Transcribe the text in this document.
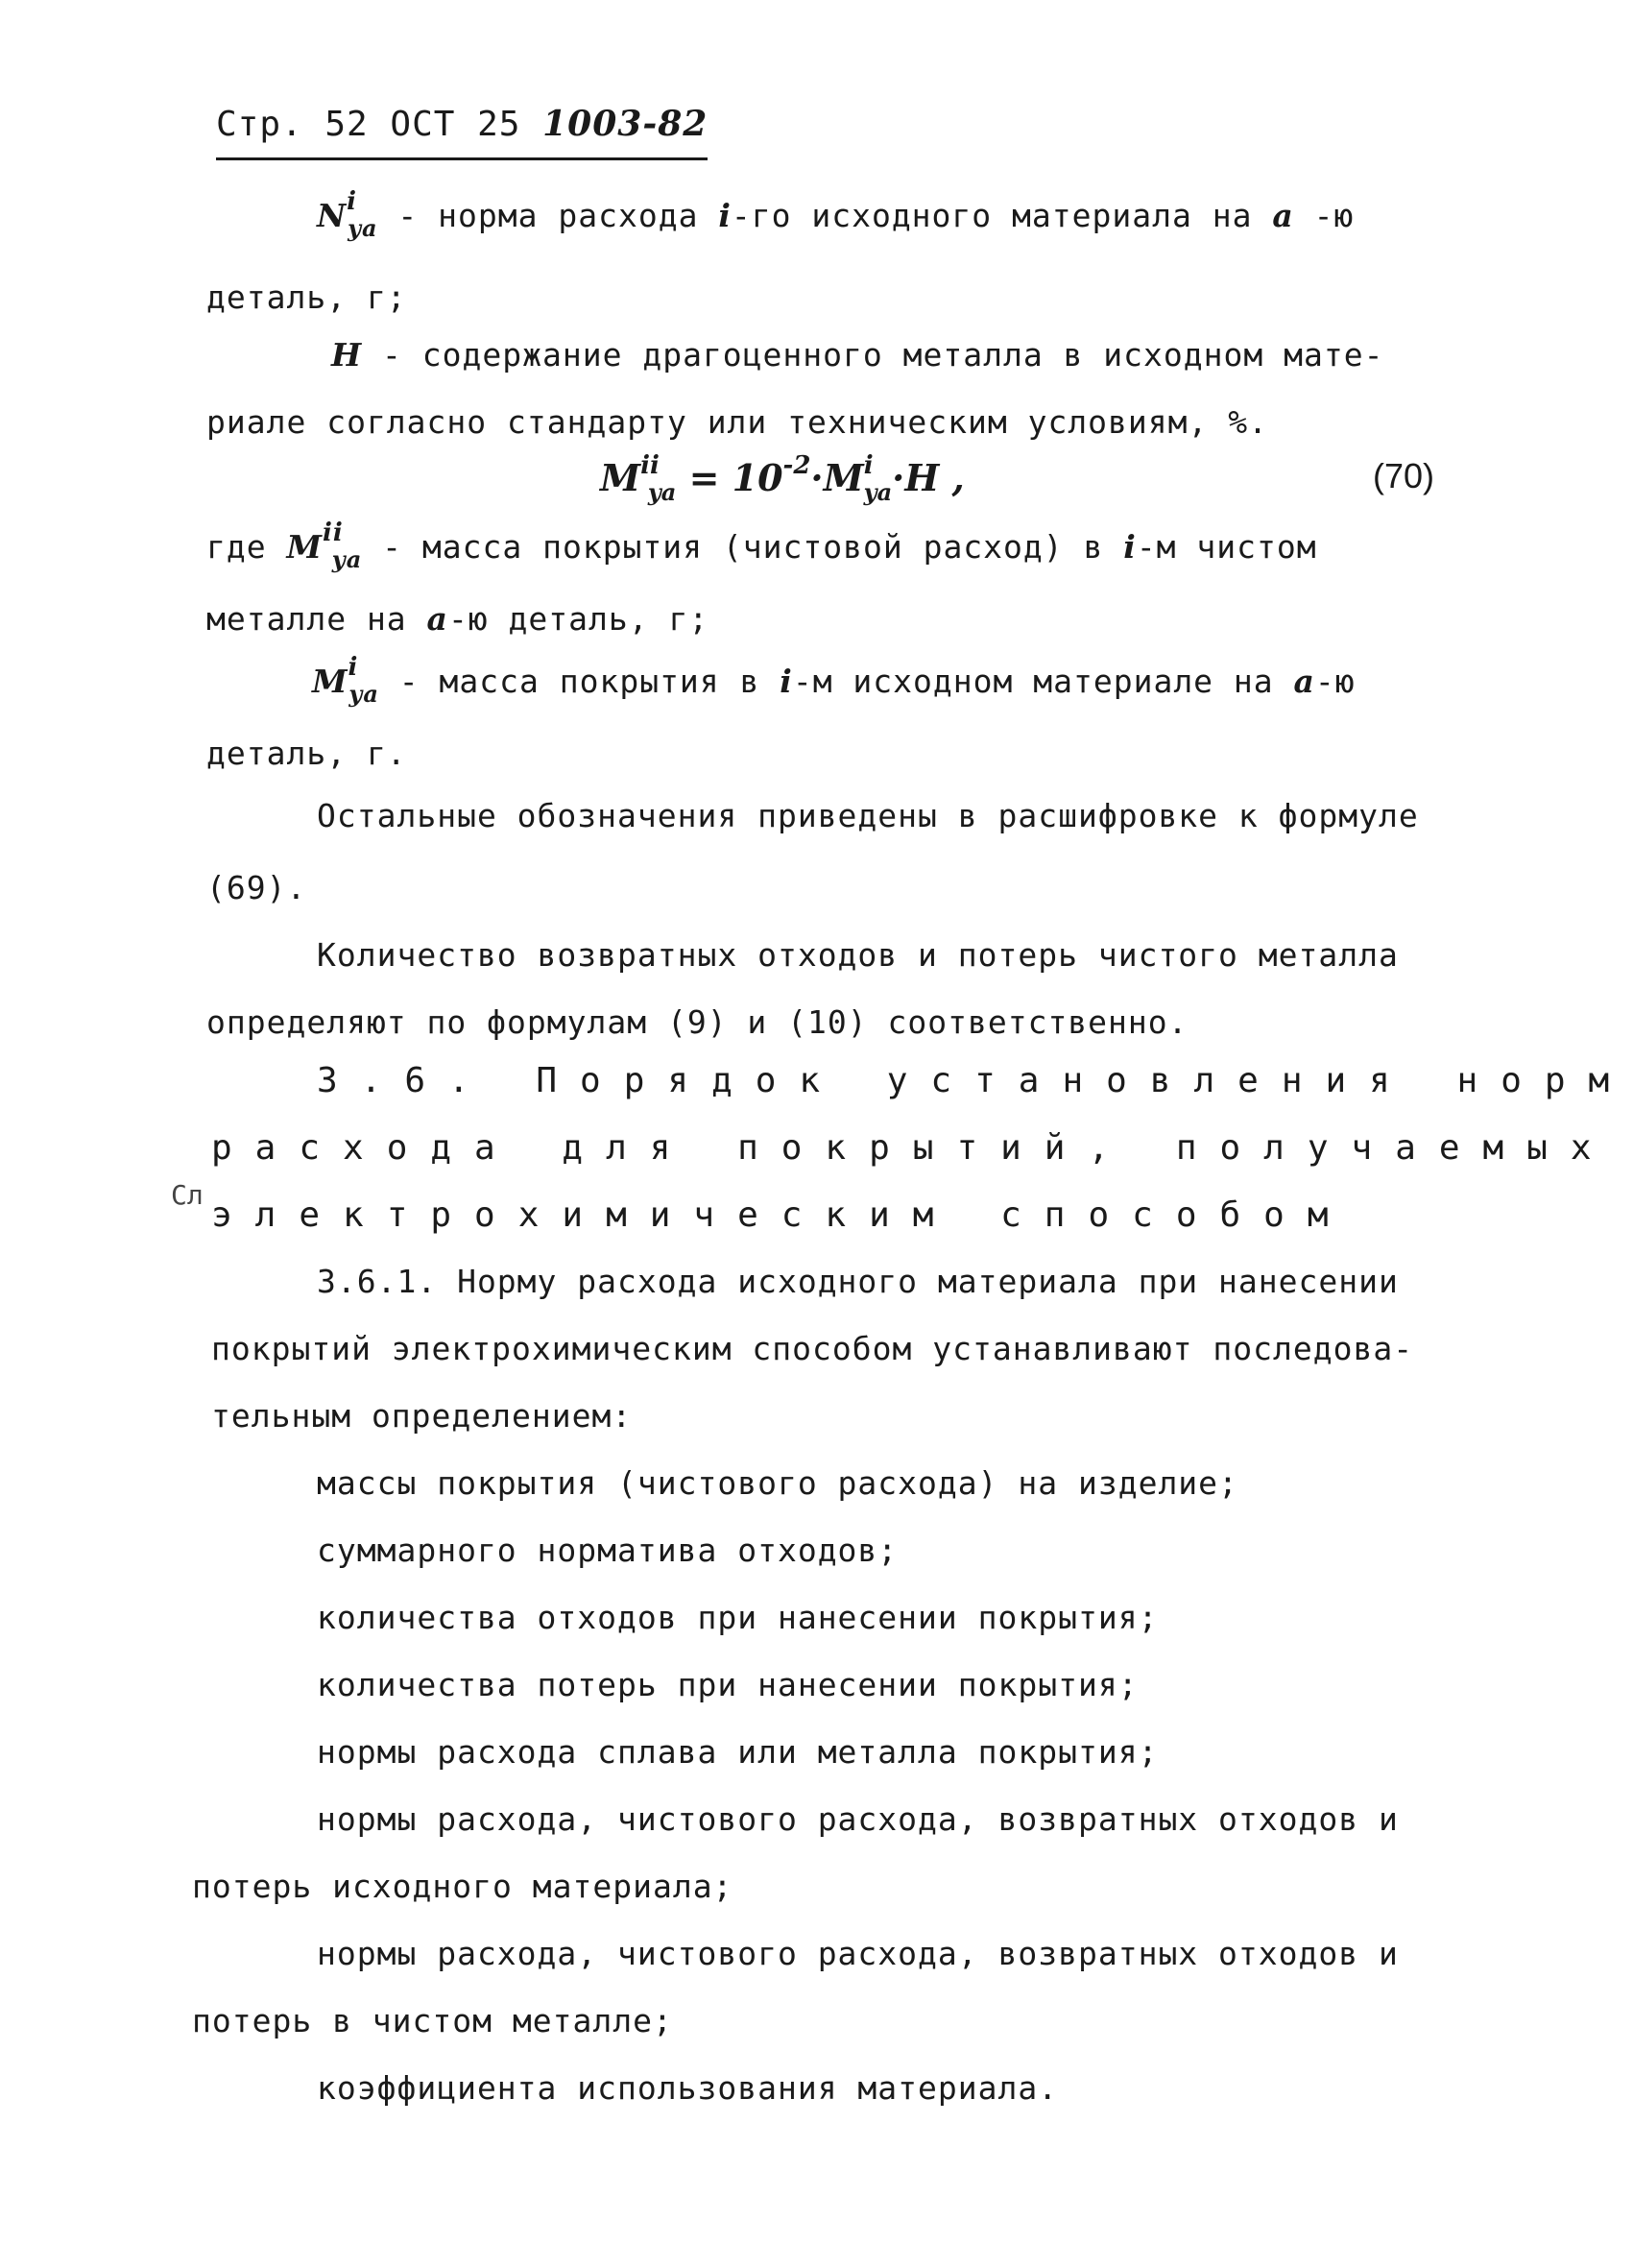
Стр. 52 ОСТ 25 1003-82
$N^i_{ya}$ - норма расхода i-го исходного материала на a -ю
деталь, г;
H - содержание драгоценного металла в исходном мате-
риале согласно стандарту или техническим условиям, %.
$M^{ii}_{ya} = 10^{-2}\cdot M^i_{ya}\cdot H$ ,	(70)
где $M^{ii}_{ya}$ - масса покрытия (чистовой расход) в i-м чистом
металле на a-ю деталь, г;
$M^i_{ya}$ - масса покрытия в i-м исходном материале на a-ю
деталь, г.
Остальные обозначения приведены в расшифровке к формуле
(69).
Количество возвратных отходов и потерь чистого металла
определяют по формулам (9) и (10) соответственно.
3.6. Порядок установления норм
расхода для покрытий, получаемых
Сл
электрохимическим способом
3.6.1. Норму расхода исходного материала при нанесении
покрытий электрохимическим способом устанавливают последова-
тельным определением:
массы покрытия (чистового расхода) на изделие;
суммарного норматива отходов;
количества отходов при нанесении покрытия;
количества потерь при нанесении покрытия;
нормы расхода сплава или металла покрытия;
нормы расхода, чистового расхода, возвратных отходов и
потерь исходного материала;
нормы расхода, чистового расхода, возвратных отходов и
потерь в чистом металле;
коэффициента использования материала.
